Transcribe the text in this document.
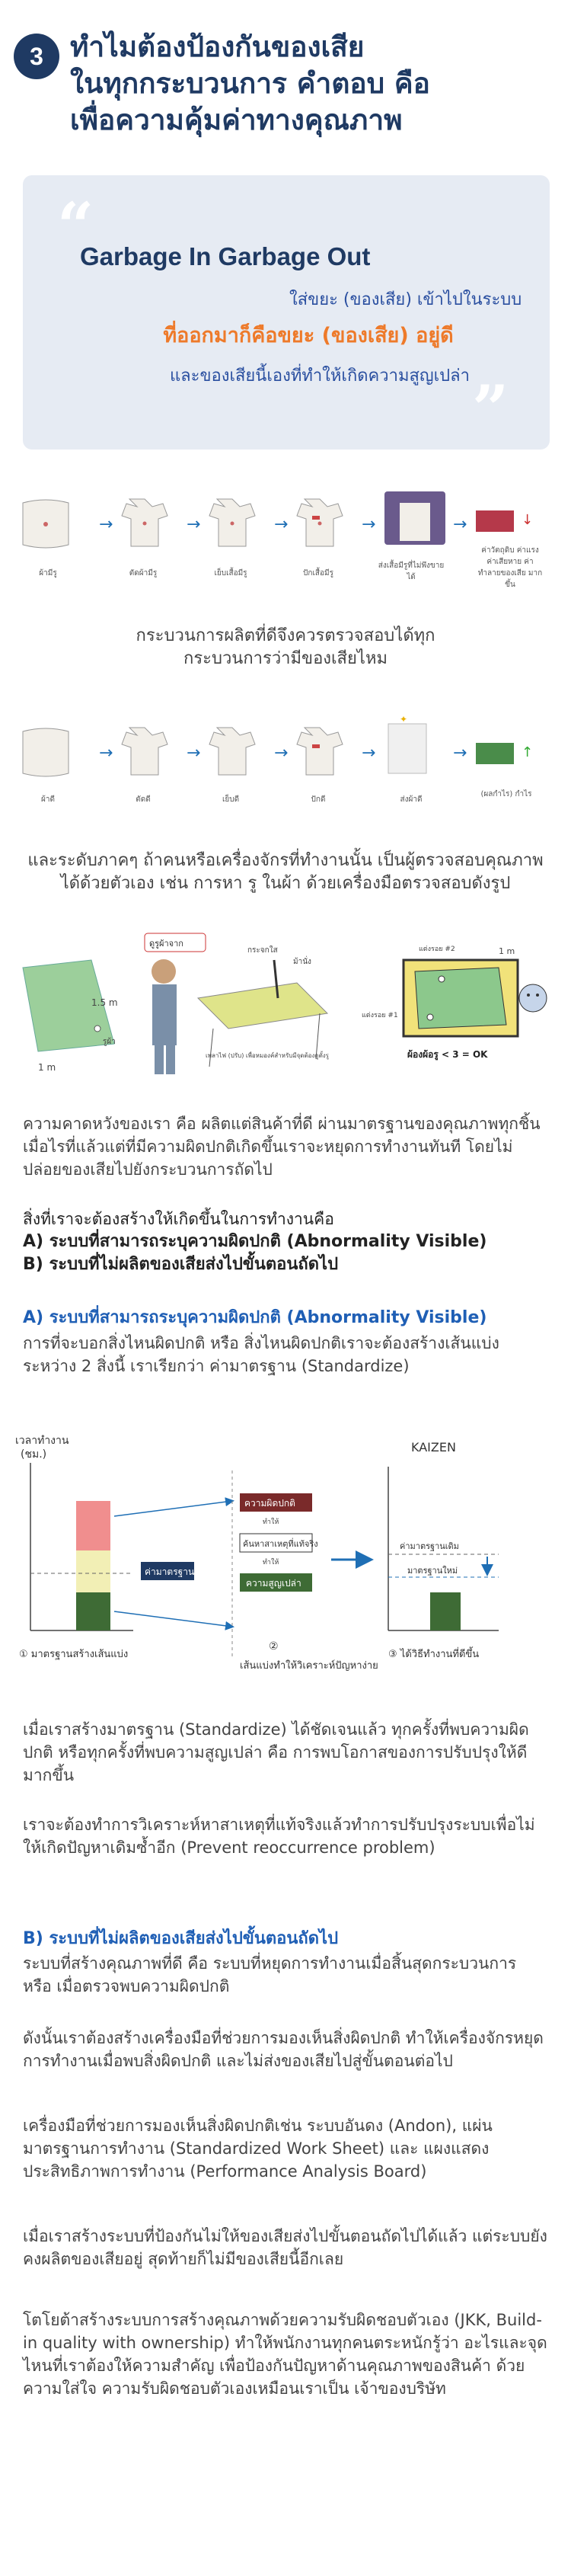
3 ทำไมต้องป้องกันของเสีย
ในทุกกระบวนการ คำตอบ คือ
เพื่อความคุ้มค่าทางคุณภาพ
“
”
Garbage In Garbage Out
ใส่ขยะ (ของเสีย) เข้าไปในระบบ
ที่ออกมาก็คือขยะ (ของเสีย) อยู่ดี
และของเสียนี้เองที่ทำให้เกิดความสูญเปล่า
→	→	→	→	→	↓
ผ้ามีรู	ตัดผ้ามีรู	เย็บเสื้อมีรู	ปักเสื้อมีรู
ส่งเสื้อมีรูที่ไม่พึงขายได้
ค่าวัตถุดิบ ค่าแรง ค่าเสียหาย ค่าทำลายของเสีย มากขึ้น
กระบวนการผลิตที่ดีจึงควรตรวจสอบได้ทุกกระบวนการว่ามีของเสียไหม
→	→	→	→
✦
→	↑
ผ้าดี	ตัดดี	เย็บดี	ปักดี	ส่งผ้าดี
(ผลกำไร) กำไร
และระดับภาคๆ ถ้าคนหรือเครื่องจักรที่ทำงานนั้น เป็นผู้ตรวจสอบคุณภาพได้ด้วยตัวเอง เช่น การหา รู ในผ้า ด้วยเครื่องมือตรวจสอบดังรูป
1.5 m
1 m
รูผ้า
ดูรูผ้าจาก
กระจกใส
ม้านั่ง
เพลาไฟ (ปรับ) เพื่อหมองค์สำหรับมีจุดต้องดูตั้งรู
แต่งรอย #2
แต่งรอย #1
1 m
ผ้องผ้อรู < 3 = OK
ความคาดหวังของเรา คือ ผลิตแต่สินค้าที่ดี ผ่านมาตรฐานของคุณภาพทุกชิ้น เมื่อไรที่แล้วแต่ที่มีความผิดปกติเกิดขึ้นเราจะหยุดการทำงานทันที โดยไม่ปล่อยของเสียไปยังกระบวนการถัดไป
สิ่งที่เราจะต้องสร้างให้เกิดขึ้นในการทำงานคือ
A) ระบบที่สามารถระบุความผิดปกติ (Abnormality Visible)
B) ระบบที่ไม่ผลิตของเสียส่งไปขั้นตอนถัดไป
A) ระบบที่สามารถระบุความผิดปกติ (Abnormality Visible)
การที่จะบอกสิ่งไหนผิดปกติ หรือ สิ่งไหนผิดปกติเราจะต้องสร้างเส้นแบ่งระหว่าง 2 สิ่งนี้ เราเรียกว่า ค่ามาตรฐาน (Standardize)
เวลาทำงาน (ชม.)
ค่ามาตรฐาน
ความผิดปกติ
ทำให้
ค้นหาสาเหตุที่แท้จริง
ทำให้
ความสูญเปล่า
KAIZEN
ค่ามาตรฐานเดิม
มาตรฐานใหม่
① มาตรฐานสร้างเส้นแบ่ง
②
เส้นแบ่งทำให้วิเคราะห์ปัญหาง่าย
③ ได้วิธีทำงานที่ดีขึ้น
เมื่อเราสร้างมาตรฐาน (Standardize) ได้ชัดเจนแล้ว ทุกครั้งที่พบความผิดปกติ หรือทุกครั้งที่พบความสูญเปล่า คือ การพบโอกาสของการปรับปรุงให้ดีมากขึ้น
เราจะต้องทำการวิเคราะห์หาสาเหตุที่แท้จริงแล้วทำการปรับปรุงระบบเพื่อไม่ให้เกิดปัญหาเดิมซ้ำอีก (Prevent reoccurrence problem)
B) ระบบที่ไม่ผลิตของเสียส่งไปขั้นตอนถัดไป
ระบบที่สร้างคุณภาพที่ดี คือ ระบบที่หยุดการทำงานเมื่อสิ้นสุดกระบวนการ หรือ เมื่อตรวจพบความผิดปกติ
ดังนั้นเราต้องสร้างเครื่องมือที่ช่วยการมองเห็นสิ่งผิดปกติ ทำให้เครื่องจักรหยุดการทำงานเมื่อพบสิ่งผิดปกติ และไม่ส่งของเสียไปสู่ขั้นตอนต่อไป
เครื่องมือที่ช่วยการมองเห็นสิ่งผิดปกติเช่น ระบบอันดง (Andon), แผ่นมาตรฐานการทำงาน (Standardized Work Sheet) และ แผงแสดงประสิทธิภาพการทำงาน (Performance Analysis Board)
เมื่อเราสร้างระบบที่ป้องกันไม่ให้ของเสียส่งไปขั้นตอนถัดไปได้แล้ว แต่ระบบยังคงผลิตของเสียอยู่ สุดท้ายก็ไม่มีของเสียนี้อีกเลย
โตโยต้าสร้างระบบการสร้างคุณภาพด้วยความรับผิดชอบตัวเอง (JKK, Build-in quality with ownership) ทำให้พนักงานทุกคนตระหนักรู้ว่า อะไรและจุดไหนที่เราต้องให้ความสำคัญ เพื่อป้องกันปัญหาด้านคุณภาพของสินค้า ด้วยความใส่ใจ ความรับผิดชอบตัวเองเหมือนเราเป็น เจ้าของบริษัท
